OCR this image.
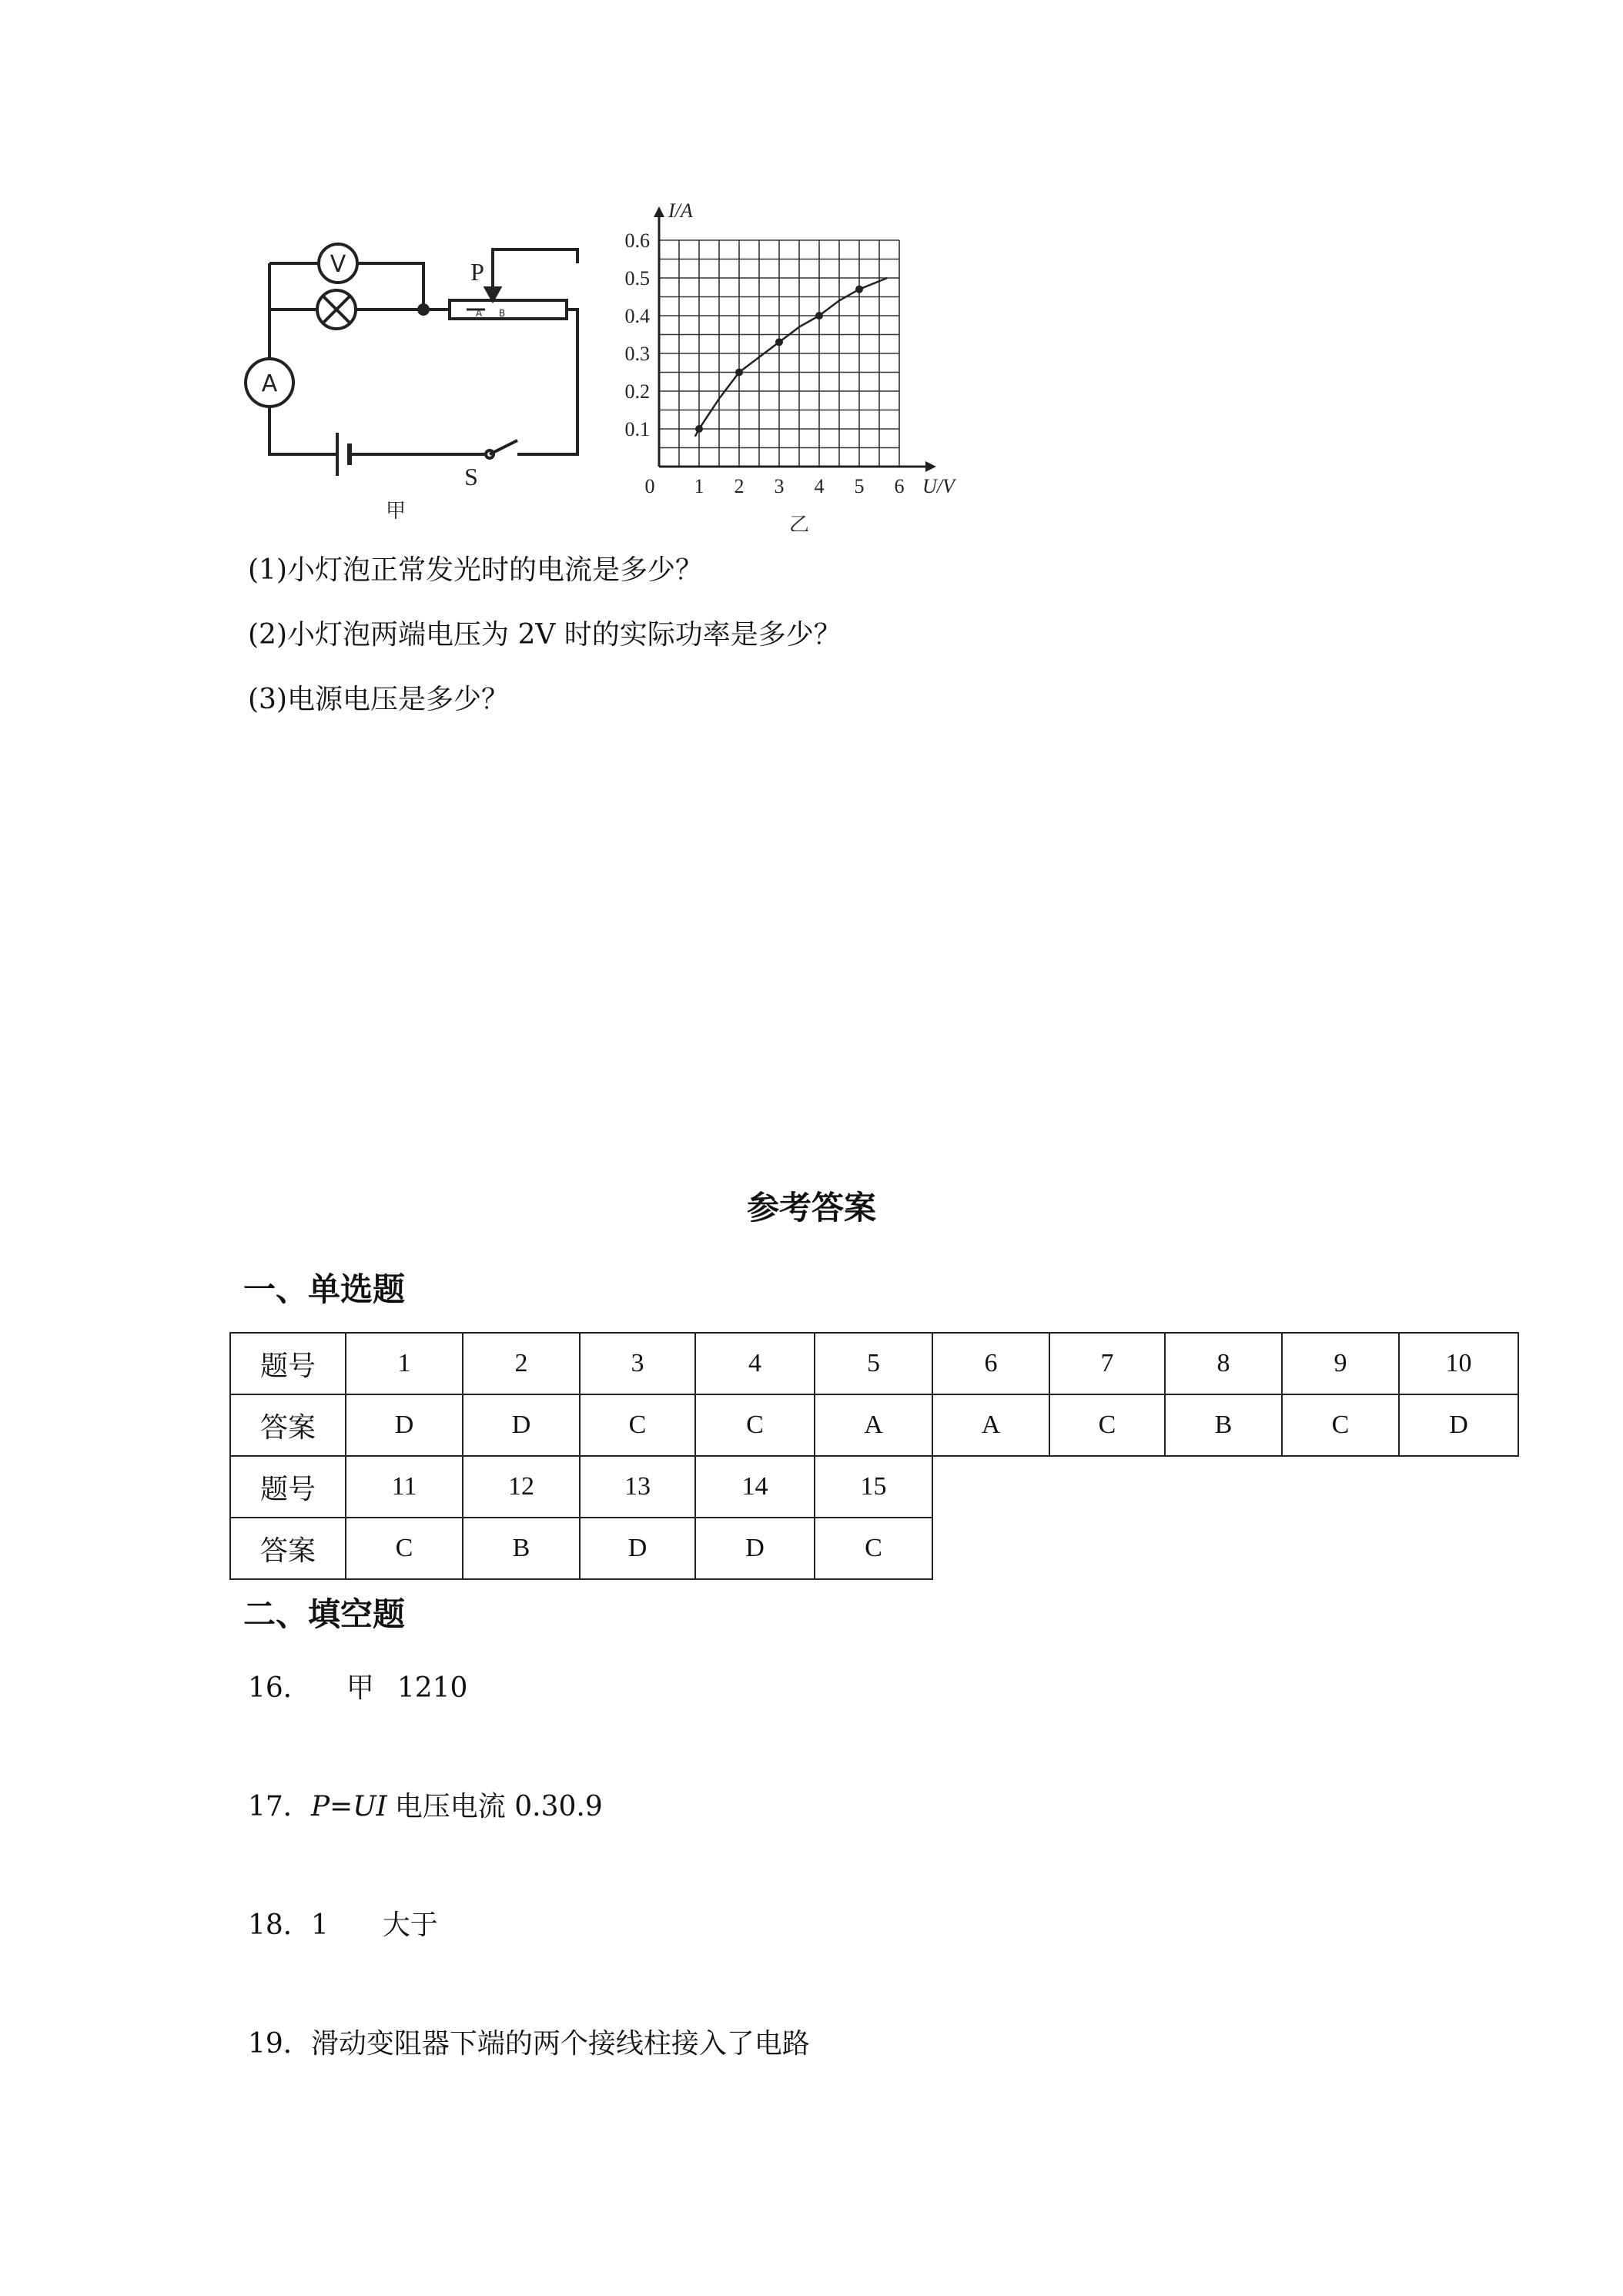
V
A
P
A B
S
甲
0 1 2 3 4 5 6
0.1
0.2
0.3
0.4
0.5
0.6
I/A
U/V
乙
(1)小灯泡正常发光时的电流是多少？
(2)小灯泡两端电压为 2V 时的实际功率是多少？
(3)电源电压是多少？
参考答案
一、单选题
题号	1	2	3	4	5	6	7	8	9	10
答案	D	D	C	C	A	A	C	B	C	D
题号	11	12	13	14	15					
答案	C	B	D	D	C					
二、填空题
16． 甲 1210
17．P=UI 电压电流 0.30.9
18．1 大于
19．滑动变阻器下端的两个接线柱接入了电路
